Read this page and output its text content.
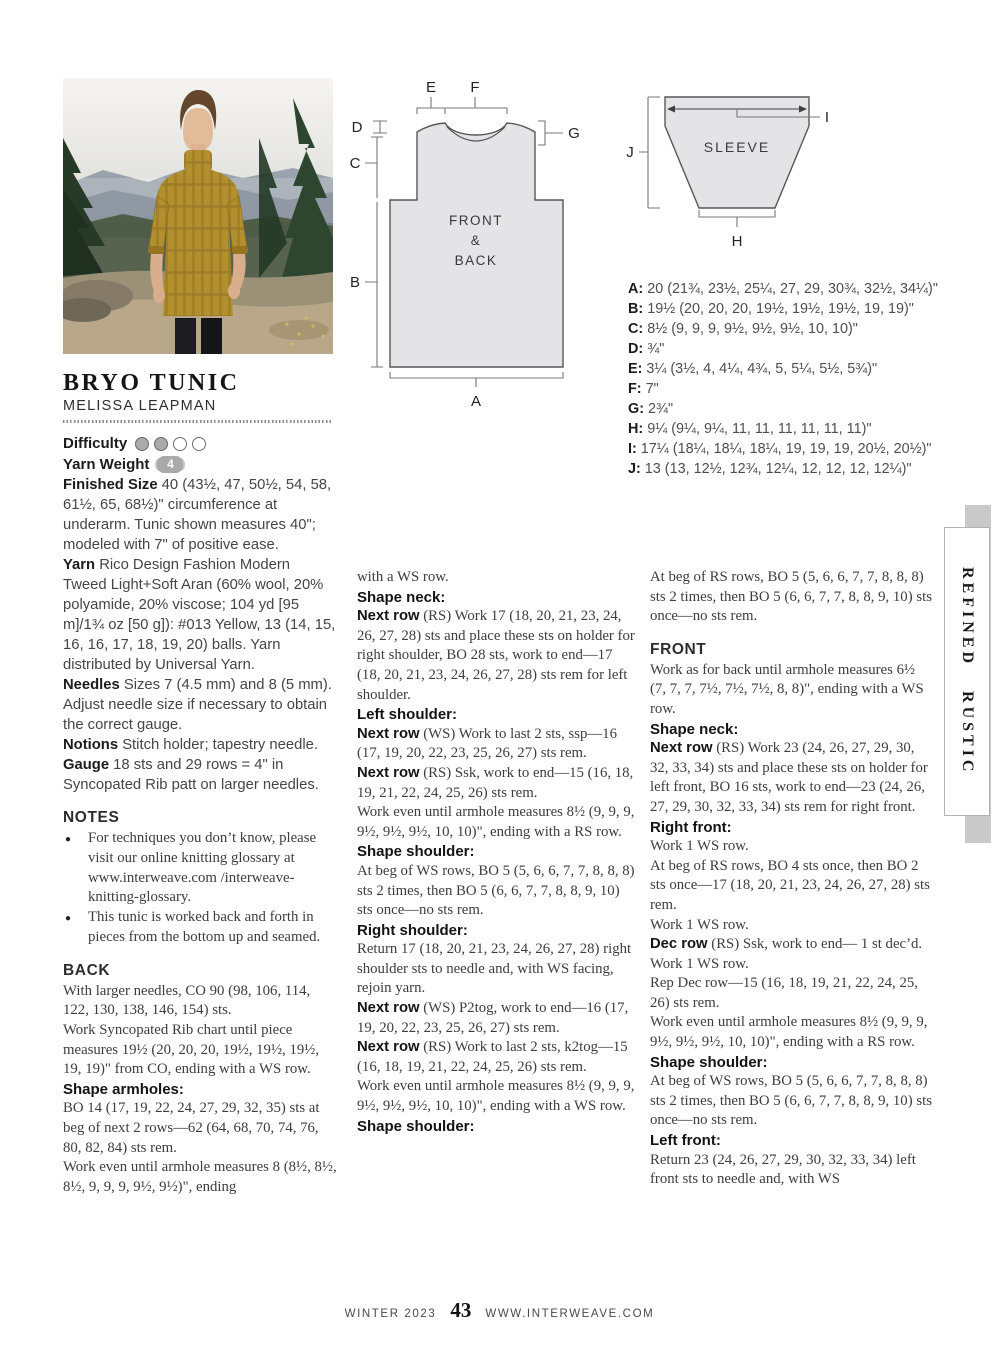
E F
D
C
B
G
A
FRONT
&
BACK
I
J
H
SLEEVE
A: 20 (21¾, 23½, 25¼, 27, 29, 30¾, 32½, 34¼)"
B: 19½ (20, 20, 20, 19½, 19½, 19½, 19, 19)"
C: 8½ (9, 9, 9, 9½, 9½, 9½, 10, 10)"
D: ¾"
E: 3¼ (3½, 4, 4¼, 4¾, 5, 5¼, 5½, 5¾)"
F: 7"
G: 2¾"
H: 9¼ (9¼, 9¼, 11, 11, 11, 11, 11, 11)"
I: 17¼ (18¼, 18¼, 18¼, 19, 19, 19, 20½, 20½)"
J: 13 (13, 12½, 12¾, 12¼, 12, 12, 12, 12¼)"
BRYO TUNIC
MELISSA LEAPMAN
Difficulty
Yarn Weight	4

Finished Size 40 (43½, 47, 50½, 54, 58, 61½, 65, 68½)" circumference at underarm. Tunic shown measures 40"; modeled with 7" of positive ease.

Yarn Rico Design Fashion Modern Tweed Light+Soft Aran (60% wool, 20% polyamide, 20% viscose; 104 yd [95 m]/1¾ oz [50 g]): #013 Yellow, 13 (14, 15, 16, 16, 17, 18, 19, 20) balls. Yarn distributed by Universal Yarn.

Needles Sizes 7 (4.5 mm) and 8 (5 mm). Adjust needle size if necessary to obtain the correct gauge.

Notions Stitch holder; tapestry needle.

Gauge 18 sts and 29 rows = 4" in Syncopated Rib patt on larger needles.

NOTES
● For techniques you don’t know, please visit our online knitting glossary at www.interweave.com /interweave-knitting-glossary.
● This tunic is worked back and forth in pieces from the bottom up and seamed.
BACK

With larger needles, CO 90 (98, 106, 114, 122, 130, 138, 146, 154) sts.

Work Syncopated Rib chart until piece measures 19½ (20, 20, 20, 19½, 19½, 19½, 19, 19)" from CO, ending with a WS row.

Shape armholes:

BO 14 (17, 19, 22, 24, 27, 29, 32, 35) sts at beg of next 2 rows—62 (64, 68, 70, 74, 76, 80, 82, 84) sts rem.

Work even until armhole measures 8 (8½, 8½, 8½, 9, 9, 9, 9½, 9½)", ending

with a WS row.

Shape neck:

Next row (RS) Work 17 (18, 20, 21, 23, 24, 26, 27, 28) sts and place these sts on holder for right shoulder, BO 28 sts, work to end—17 (18, 20, 21, 23, 24, 26, 27, 28) sts rem for left shoulder.

Left shoulder:

Next row (WS) Work to last 2 sts, ssp—16 (17, 19, 20, 22, 23, 25, 26, 27) sts rem.

Next row (RS) Ssk, work to end—15 (16, 18, 19, 21, 22, 24, 25, 26) sts rem.

Work even until armhole measures 8½ (9, 9, 9, 9½, 9½, 9½, 10, 10)", ending with a RS row.

Shape shoulder:

At beg of WS rows, BO 5 (5, 6, 6, 7, 7, 8, 8, 8) sts 2 times, then BO 5 (6, 6, 7, 7, 8, 8, 9, 10) sts once—no sts rem.

Right shoulder:

Return 17 (18, 20, 21, 23, 24, 26, 27, 28) right shoulder sts to needle and, with WS facing, rejoin yarn.

Next row (WS) P2tog, work to end—16 (17, 19, 20, 22, 23, 25, 26, 27) sts rem.

Next row (RS) Work to last 2 sts, k2tog—15 (16, 18, 19, 21, 22, 24, 25, 26) sts rem.

Work even until armhole measures 8½ (9, 9, 9, 9½, 9½, 9½, 10, 10)", ending with a WS row.

Shape shoulder:

At beg of RS rows, BO 5 (5, 6, 6, 7, 7, 8, 8, 8) sts 2 times, then BO 5 (6, 6, 7, 7, 8, 8, 9, 10) sts once—no sts rem.

FRONT

Work as for back until armhole measures 6½ (7, 7, 7, 7½, 7½, 7½, 8, 8)", ending with a WS row.

Shape neck:

Next row (RS) Work 23 (24, 26, 27, 29, 30, 32, 33, 34) sts and place these sts on holder for left front, BO 16 sts, work to end—23 (24, 26, 27, 29, 30, 32, 33, 34) sts rem for right front.

Right front:

Work 1 WS row.

At beg of RS rows, BO 4 sts once, then BO 2 sts once—17 (18, 20, 21, 23, 24, 26, 27, 28) sts rem.

Work 1 WS row.

Dec row (RS) Ssk, work to end— 1 st dec’d.

Work 1 WS row.

Rep Dec row—15 (16, 18, 19, 21, 22, 24, 25, 26) sts rem.

Work even until armhole measures 8½ (9, 9, 9, 9½, 9½, 9½, 10, 10)", ending with a RS row.

Shape shoulder:

At beg of WS rows, BO 5 (5, 6, 6, 7, 7, 8, 8, 8) sts 2 times, then BO 5 (6, 6, 7, 7, 8, 8, 9, 10) sts once—no sts rem.

Left front:

Return 23 (24, 26, 27, 29, 30, 32, 33, 34) left front sts to needle and, with WS

REFINED RUSTIC
WINTER 2023 43 WWW.INTERWEAVE.COM
